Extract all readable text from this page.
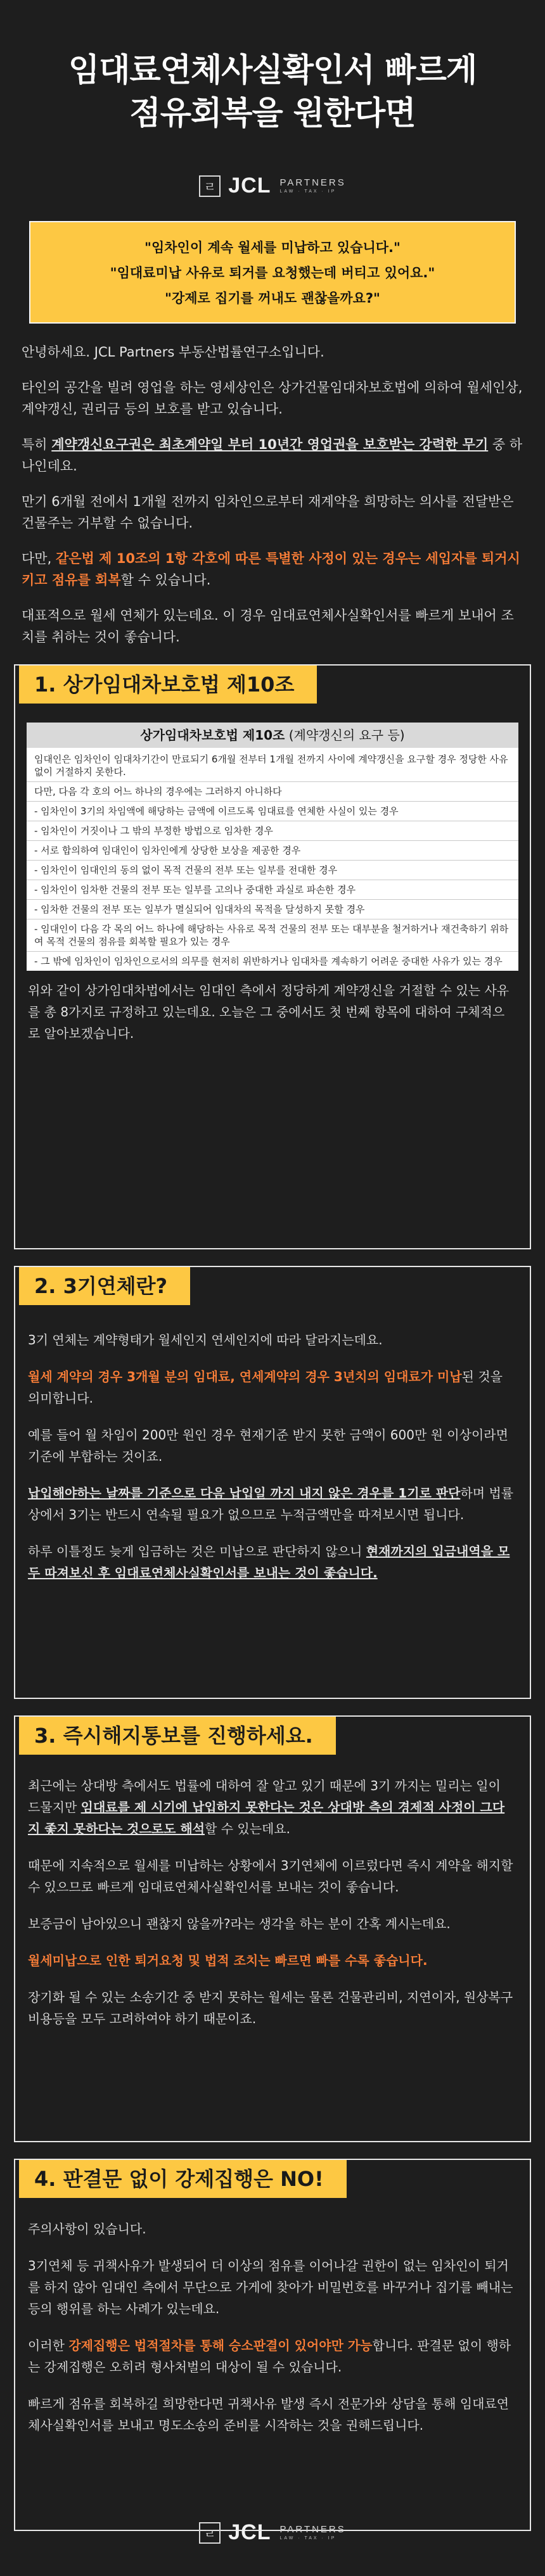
임대료연체사실확인서 빠르게
점유회복을 원한다면
ㄹ JCL PARTNERS
LAW · TAX · IP
"임차인이 계속 월세를 미납하고 있습니다."
"임대료미납 사유로 퇴거를 요청했는데 버티고 있어요."
"강제로 집기를 꺼내도 괜찮을까요?"

안녕하세요. JCL Partners 부동산법률연구소입니다.

타인의 공간을 빌려 영업을 하는 영세상인은 상가건물임대차보호법에 의하여 월세인상, 계약갱신, 권리금 등의 보호를 받고 있습니다.

특히 계약갱신요구권은 최초계약일 부터 10년간 영업권을 보호받는 강력한 무기 중 하나인데요.

만기 6개월 전에서 1개월 전까지 임차인으로부터 재계약을 희망하는 의사를 전달받은 건물주는 거부할 수 없습니다.

다만, 같은법 제 10조의 1항 각호에 따른 특별한 사정이 있는 경우는 세입자를 퇴거시키고 점유를 회복할 수 있습니다.

대표적으로 월세 연체가 있는데요. 이 경우 임대료연체사실확인서를 빠르게 보내어 조치를 취하는 것이 좋습니다.

1. 상가임대차보호법 제10조
상가임대차보호법 제10조 (계약갱신의 요구 등)
임대인은 임차인이 임대차기간이 만료되기 6개월 전부터 1개월 전까지 사이에 계약갱신을 요구할 경우 정당한 사유 없이 거절하지 못한다.
다만, 다음 각 호의 어느 하나의 경우에는 그러하지 아니하다
- 임차인이 3기의 차임액에 해당하는 금액에 이르도록 임대료를 연체한 사실이 있는 경우
- 임차인이 거짓이나 그 밖의 부정한 방법으로 임차한 경우
- 서로 합의하여 임대인이 임차인에게 상당한 보상을 제공한 경우
- 임차인이 임대인의 동의 없이 목적 건물의 전부 또는 일부를 전대한 경우
- 임차인이 임차한 건물의 전부 또는 일부를 고의나 중대한 과실로 파손한 경우
- 임차한 건물의 전부 또는 일부가 멸실되어 임대차의 목적을 달성하지 못할 경우
- 임대인이 다음 각 목의 어느 하나에 해당하는 사유로 목적 건물의 전부 또는 대부분을 철거하거나 재건축하기 위하여 목적 건물의 점유를 회복할 필요가 있는 경우
- 그 밖에 임차인이 임차인으로서의 의무를 현저히 위반하거나 임대차를 계속하기 어려운 중대한 사유가 있는 경우

위와 같이 상가임대차법에서는 임대인 측에서 정당하게 계약갱신을 거절할 수 있는 사유를 총 8가지로 규정하고 있는데요. 오늘은 그 중에서도 첫 번째 항목에 대하여 구체적으로 알아보겠습니다.

2. 3기연체란?

3기 연체는 계약형태가 월세인지 연세인지에 따라 달라지는데요.

월세 계약의 경우 3개월 분의 임대료, 연세계약의 경우 3년치의 임대료가 미납된 것을 의미합니다.

예를 들어 월 차임이 200만 원인 경우 현재기준 받지 못한 금액이 600만 원 이상이라면 기준에 부합하는 것이죠.

납입해야하는 날짜를 기준으로 다음 납입일 까지 내지 않은 경우를 1기로 판단하며 법률상에서 3기는 반드시 연속될 필요가 없으므로 누적금액만을 따져보시면 됩니다.

하루 이틀정도 늦게 입금하는 것은 미납으로 판단하지 않으니 현재까지의 입금내역을 모두 따져보신 후 임대료연체사실확인서를 보내는 것이 좋습니다.

3. 즉시해지통보를 진행하세요.

최근에는 상대방 측에서도 법률에 대하여 잘 알고 있기 때문에 3기 까지는 밀리는 일이 드물지만 임대료를 제 시기에 납입하지 못한다는 것은 상대방 측의 경제적 사정이 그다지 좋지 못하다는 것으로도 해석할 수 있는데요.

때문에 지속적으로 월세를 미납하는 상황에서 3기연체에 이르렀다면 즉시 계약을 해지할 수 있으므로 빠르게 임대료연체사실확인서를 보내는 것이 좋습니다.

보증금이 남아있으니 괜찮지 않을까?라는 생각을 하는 분이 간혹 계시는데요.

월세미납으로 인한 퇴거요청 및 법적 조치는 빠르면 빠를 수록 좋습니다.

장기화 될 수 있는 소송기간 중 받지 못하는 월세는 물론 건물관리비, 지연이자, 원상복구 비용등을 모두 고려하여야 하기 때문이죠.

4. 판결문 없이 강제집행은 NO!

주의사항이 있습니다.

3기연체 등 귀책사유가 발생되어 더 이상의 점유를 이어나갈 권한이 없는 임차인이 퇴거를 하지 않아 임대인 측에서 무단으로 가게에 찾아가 비밀번호를 바꾸거나 집기를 빼내는 등의 행위를 하는 사례가 있는데요.

이러한 강제집행은 법적절차를 통해 승소판결이 있어야만 가능합니다. 판결문 없이 행하는 강제집행은 오히려 형사처벌의 대상이 될 수 있습니다.

빠르게 점유를 회복하길 희망한다면 귀책사유 발생 즉시 전문가와 상담을 통해 임대료연체사실확인서를 보내고 명도소송의 준비를 시작하는 것을 권해드립니다.

ㄹ JCL PARTNERS
LAW · TAX · IP
